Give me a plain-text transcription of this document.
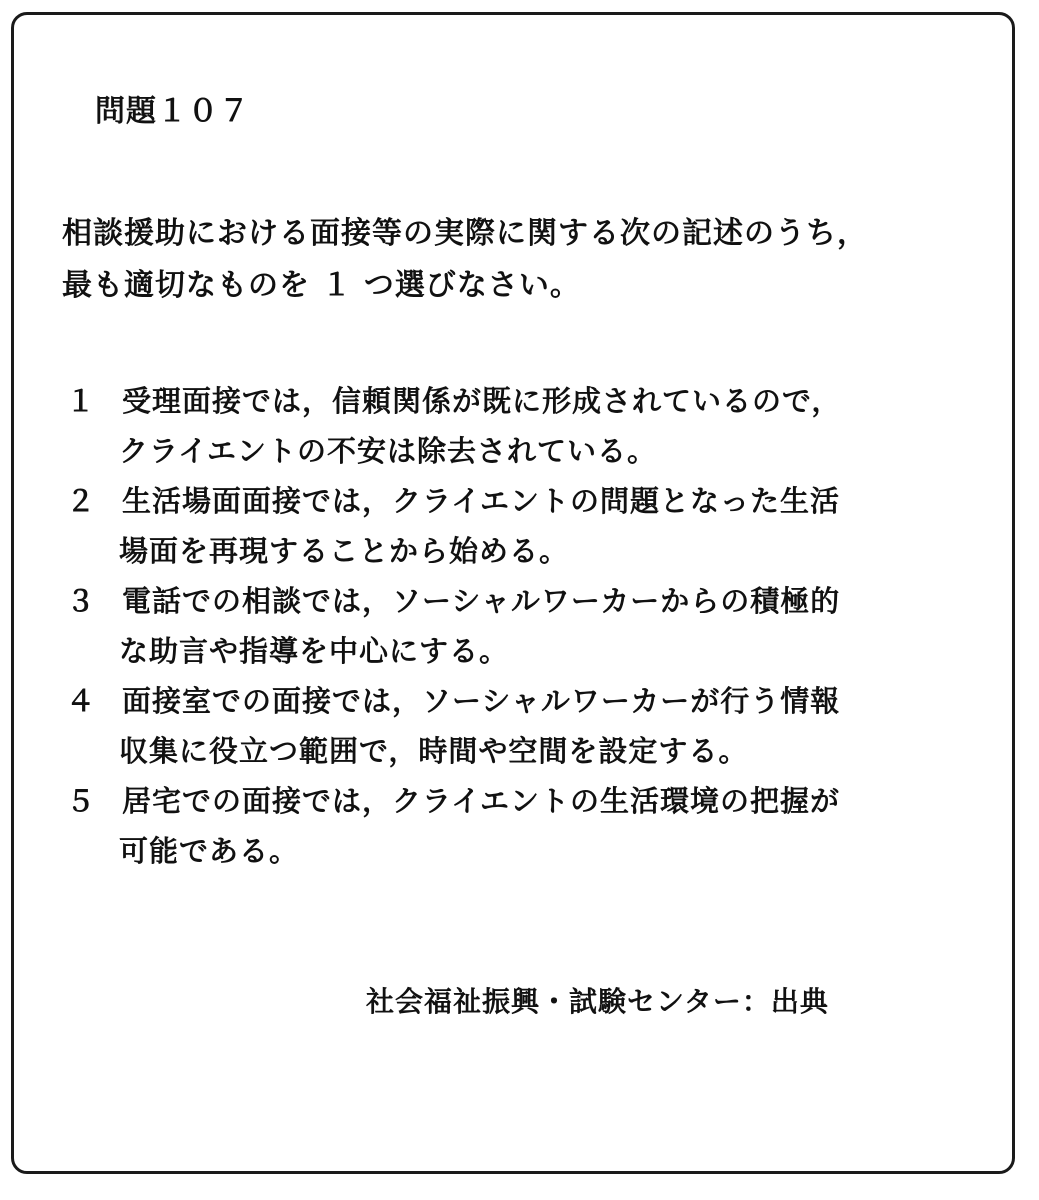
問題１０７
相談援助における面接等の実際に関する次の記述のうち，
最も適切なものを １ つ選びなさい。
１ 受理面接では，信頼関係が既に形成されているので，
クライエントの不安は除去されている。
２ 生活場面面接では，クライエントの問題となった生活
場面を再現することから始める。
３ 電話での相談では，ソーシャルワーカーからの積極的
な助言や指導を中心にする。
４ 面接室での面接では，ソーシャルワーカーが行う情報
収集に役立つ範囲で，時間や空間を設定する。
５ 居宅での面接では，クライエントの生活環境の把握が
可能である。
社会福祉振興・試験センター：出典
